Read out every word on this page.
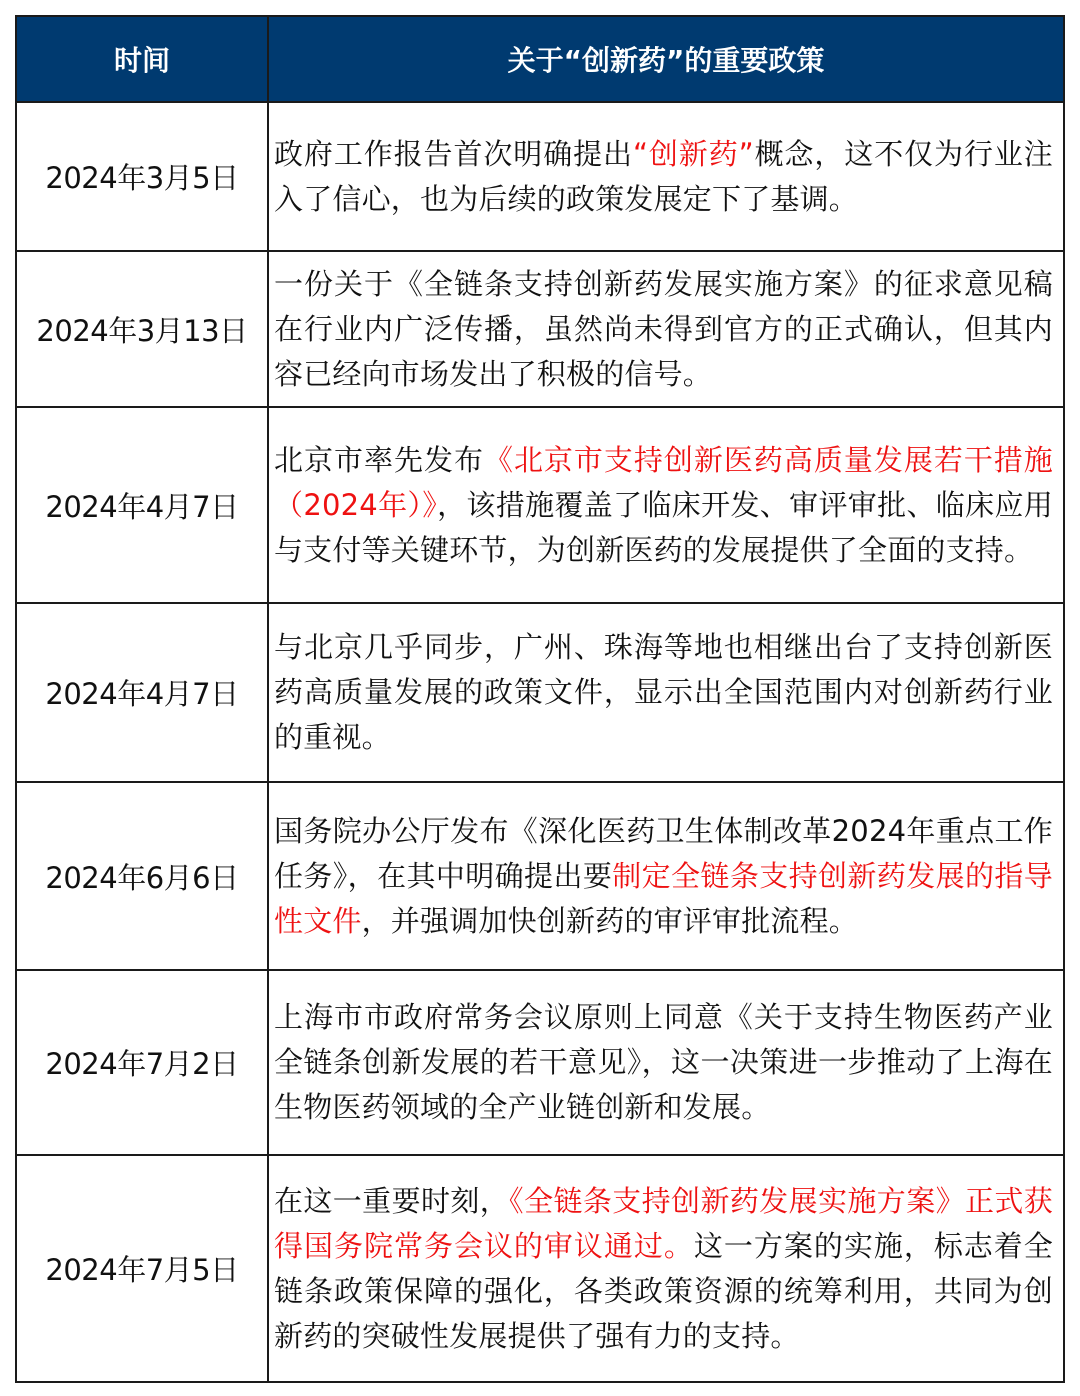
时间	关于“创新药”的重要政策
2024年3月5日	政府工作报告首次明确提出“创新药”概念，这不仅为行业注入了信心，也为后续的政策发展定下了基调。
2024年3月13日	一份关于《全链条支持创新药发展实施方案》的征求意见稿在行业内广泛传播，虽然尚未得到官方的正式确认，但其内容已经向市场发出了积极的信号。
2024年4月7日	北京市率先发布《北京市支持创新医药高质量发展若干措施（2024年）》，该措施覆盖了临床开发、审评审批、临床应用与支付等关键环节，为创新医药的发展提供了全面的支持。
2024年4月7日	与北京几乎同步，广州、珠海等地也相继出台了支持创新医药高质量发展的政策文件，显示出全国范围内对创新药行业的重视。
2024年6月6日	国务院办公厅发布《深化医药卫生体制改革2024年重点工作任务》，在其中明确提出要制定全链条支持创新药发展的指导性文件，并强调加快创新药的审评审批流程。
2024年7月2日	上海市市政府常务会议原则上同意《关于支持生物医药产业全链条创新发展的若干意见》，这一决策进一步推动了上海在生物医药领域的全产业链创新和发展。
2024年7月5日	在这一重要时刻，《全链条支持创新药发展实施方案》正式获得国务院常务会议的审议通过。这一方案的实施，标志着全链条政策保障的强化，各类政策资源的统筹利用，共同为创新药的突破性发展提供了强有力的支持。
